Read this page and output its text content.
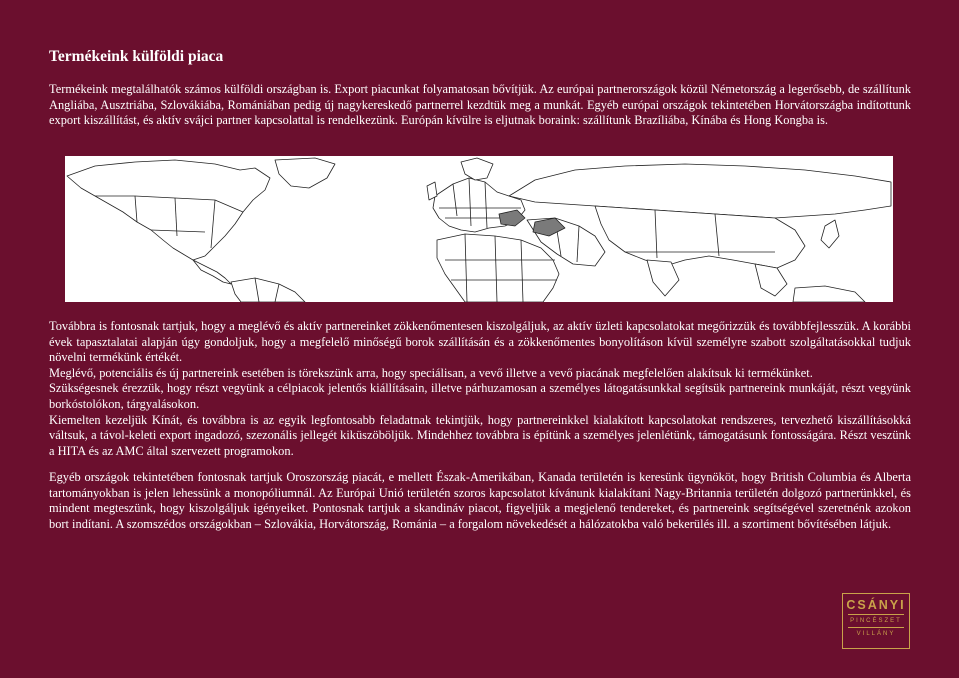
Termékeink külföldi piaca

Termékeink megtalálhatók számos külföldi országban is. Export piacunkat folyamatosan bővítjük. Az európai partnerországok közül Németország a legerősebb, de szállítunk Angliába, Ausztriába, Szlovákiába, Romániában pedig új nagykereskedő partnerrel kezdtük meg a munkát. Egyéb európai országok tekintetében Horvátországba indítottunk export kiszállítást, és aktív svájci partner kapcsolattal is rendelkezünk. Európán kívülre is eljutnak boraink: szállítunk Brazíliába, Kínába és Hong Kongba is.

Továbbra is fontosnak tartjuk, hogy a meglévő és aktív partnereinket zökkenőmentesen kiszolgáljuk, az aktív üzleti kapcsolatokat megőrizzük és továbbfejlesszük. A korábbi évek tapasztalatai alapján úgy gondoljuk, hogy a megfelelő minőségű borok szállításán és a zökkenőmentes bonyolításon kívül személyre szabott szolgáltatásokkal tudjuk növelni termékünk értékét.

Meglévő, potenciális és új partnereink esetében is törekszünk arra, hogy speciálisan, a vevő illetve a vevő piacának megfelelően alakítsuk ki termékünket.

Szükségesnek érezzük, hogy részt vegyünk a célpiacok jelentős kiállításain, illetve párhuzamosan a személyes látogatásunkkal segítsük partnereink munkáját, részt vegyünk borkóstolókon, tárgyalásokon.

Kiemelten kezeljük Kínát, és továbbra is az egyik legfontosabb feladatnak tekintjük, hogy partnereinkkel kialakított kapcsolatokat rendszeres, tervezhető kiszállításokká váltsuk, a távol-keleti export ingadozó, szezonális jellegét kiküszöböljük. Mindehhez továbbra is építünk a személyes jelenlétünk, támogatásunk fontosságára. Részt veszünk a HITA és az AMC által szervezett programokon.

Egyéb országok tekintetében fontosnak tartjuk Oroszország piacát, e mellett Észak-Amerikában, Kanada területén is keresünk ügynököt, hogy British Columbia és Alberta tartományokban is jelen lehessünk a monopóliumnál. Az Európai Unió területén szoros kapcsolatot kívánunk kialakítani Nagy-Britannia területén dolgozó partnerünkkel, és mindent megteszünk, hogy kiszolgáljuk igényeiket. Pontosnak tartjuk a skandináv piacot, figyeljük a megjelenő tendereket, és partnereink segítségével szeretnénk azokon bort indítani. A szomszédos országokban – Szlovákia, Horvátország, Románia – a forgalom növekedését a hálózatokba való bekerülés ill. a szortiment bővítésében látjuk.

CSÁNYI
PINCÉSZET
VILLÁNY
